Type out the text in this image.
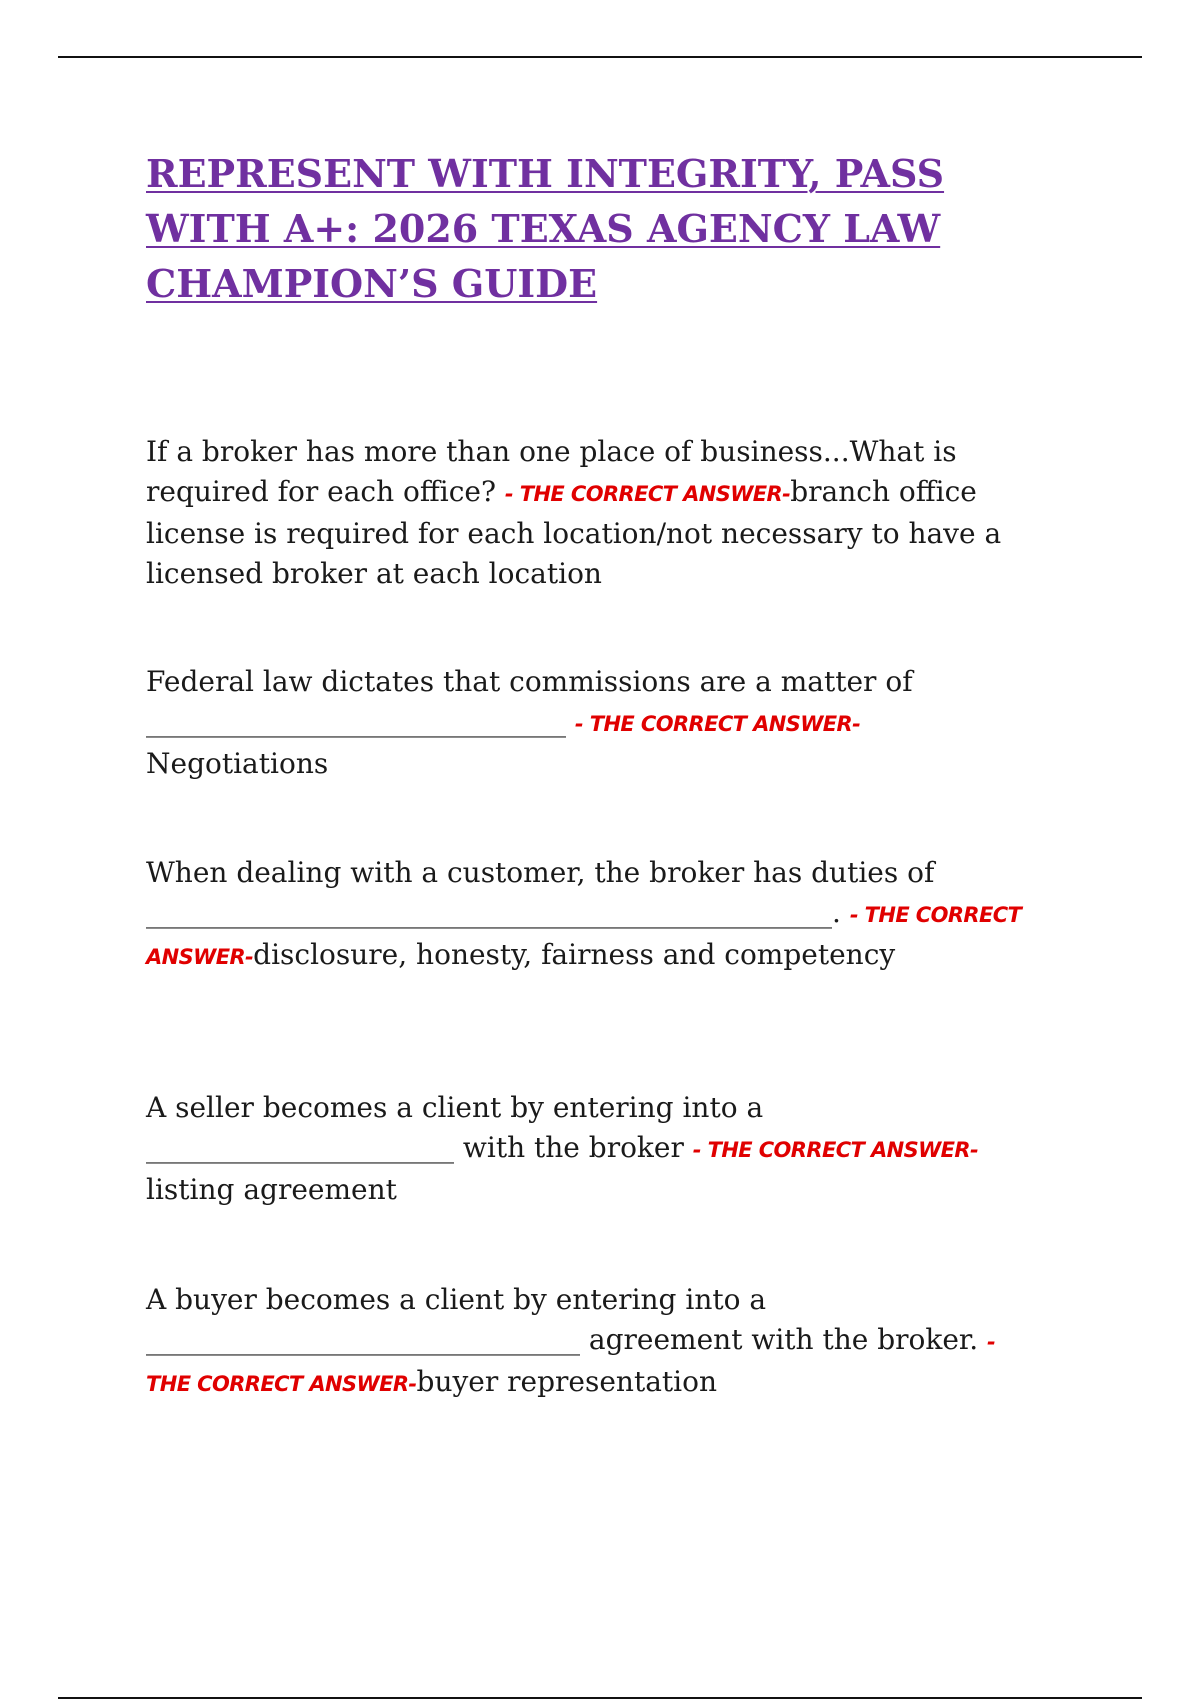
REPRESENT WITH INTEGRITY, PASS WITH A+: 2026 TEXAS AGENCY LAW CHAMPION’S GUIDE

If a broker has more than one place of business...What is required for each office? - THE CORRECT ANSWER-branch office license is required for each location/not necessary to have a licensed broker at each location

Federal law dictates that commissions are a matter of ______________________________ - THE CORRECT ANSWER-
Negotiations

When dealing with a customer, the broker has duties of _________________________________________________. - THE CORRECT ANSWER-disclosure, honesty, fairness and competency

A seller becomes a client by entering into a ______________________ with the broker - THE CORRECT ANSWER-listing agreement

A buyer becomes a client by entering into a _______________________________ agreement with the broker. - THE CORRECT ANSWER-buyer representation
